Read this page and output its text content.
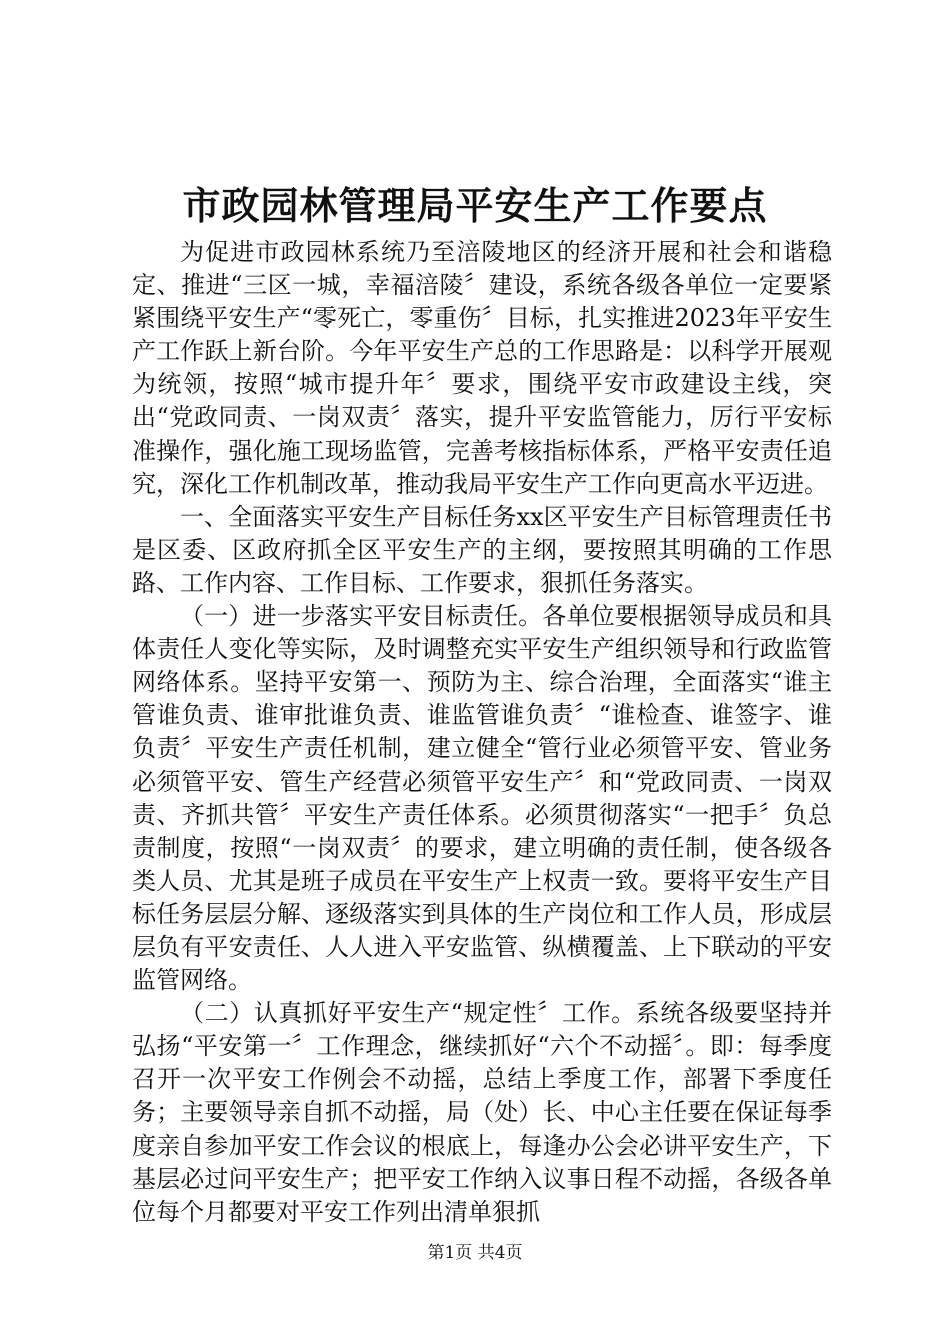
市政园林管理局平安生产工作要点

为促进市政园林系统乃至涪陵地区的经济开展和社会和谐稳定、推进“三区一城，幸福涪陵〞建设，系统各级各单位一定要紧紧围绕平安生产“零死亡，零重伤〞目标，扎实推进2023年平安生产工作跃上新台阶。今年平安生产总的工作思路是：以科学开展观为统领，按照“城市提升年〞要求，围绕平安市政建设主线，突出“党政同责、一岗双责〞落实，提升平安监管能力，厉行平安标准操作，强化施工现场监管，完善考核指标体系，严格平安责任追究，深化工作机制改革，推动我局平安生产工作向更高水平迈进。

一、全面落实平安生产目标任务xx区平安生产目标管理责任书是区委、区政府抓全区平安生产的主纲，要按照其明确的工作思路、工作内容、工作目标、工作要求，狠抓任务落实。

（一）进一步落实平安目标责任。各单位要根据领导成员和具体责任人变化等实际，及时调整充实平安生产组织领导和行政监管网络体系。坚持平安第一、预防为主、综合治理，全面落实“谁主管谁负责、谁审批谁负责、谁监管谁负责〞“谁检查、谁签字、谁负责〞平安生产责任机制，建立健全“管行业必须管平安、管业务必须管平安、管生产经营必须管平安生产〞和“党政同责、一岗双责、齐抓共管〞平安生产责任体系。必须贯彻落实“一把手〞负总责制度，按照“一岗双责〞的要求，建立明确的责任制，使各级各类人员、尤其是班子成员在平安生产上权责一致。要将平安生产目标任务层层分解、逐级落实到具体的生产岗位和工作人员，形成层层负有平安责任、人人进入平安监管、纵横覆盖、上下联动的平安监管网络。

（二）认真抓好平安生产“规定性〞工作。系统各级要坚持并弘扬“平安第一〞工作理念，继续抓好“六个不动摇〞。即：每季度召开一次平安工作例会不动摇，总结上季度工作，部署下季度任务；主要领导亲自抓不动摇，局（处）长、中心主任要在保证每季度亲自参加平安工作会议的根底上，每逢办公会必讲平安生产，下基层必过问平安生产；把平安工作纳入议事日程不动摇，各级各单位每个月都要对平安工作列出清单狠抓

第1页 共4页
